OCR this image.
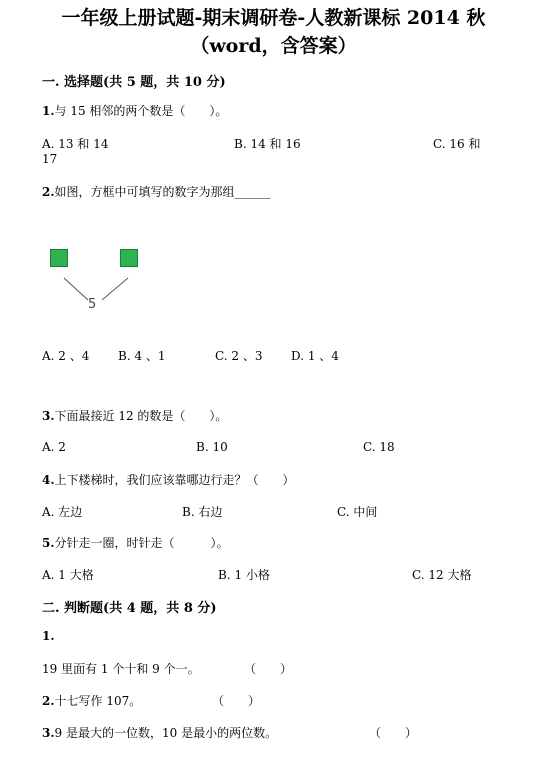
一年级上册试题-期末调研卷-人教新课标 2014 秋
（word，含答案）
一. 选择题(共 5 题，共 10 分)
1.与 15 相邻的两个数是（　　）。
A. 13 和 14	B. 14 和 16	C. 16 和
17
2.如图，方框中可填写的数字为那组______
5
A. 2 、4 B. 4 、1	C. 2 、3 D. 1 、4
3.下面最接近 12 的数是（　　）。
A. 2	B. 10	C. 18
4.上下楼梯时，我们应该靠哪边行走？（　　）
A. 左边	B. 右边	C. 中间
5.分针走一圈，时针走（　　　）。
A. 1 大格	B. 1 小格	C. 12 大格
二. 判断题(共 4 题，共 8 分)
1.
19 里面有 1 个十和 9 个一。	（　　）
2.十七写作 107。	（　　）
3.9 是最大的一位数，10 是最小的两位数。	（　　）
